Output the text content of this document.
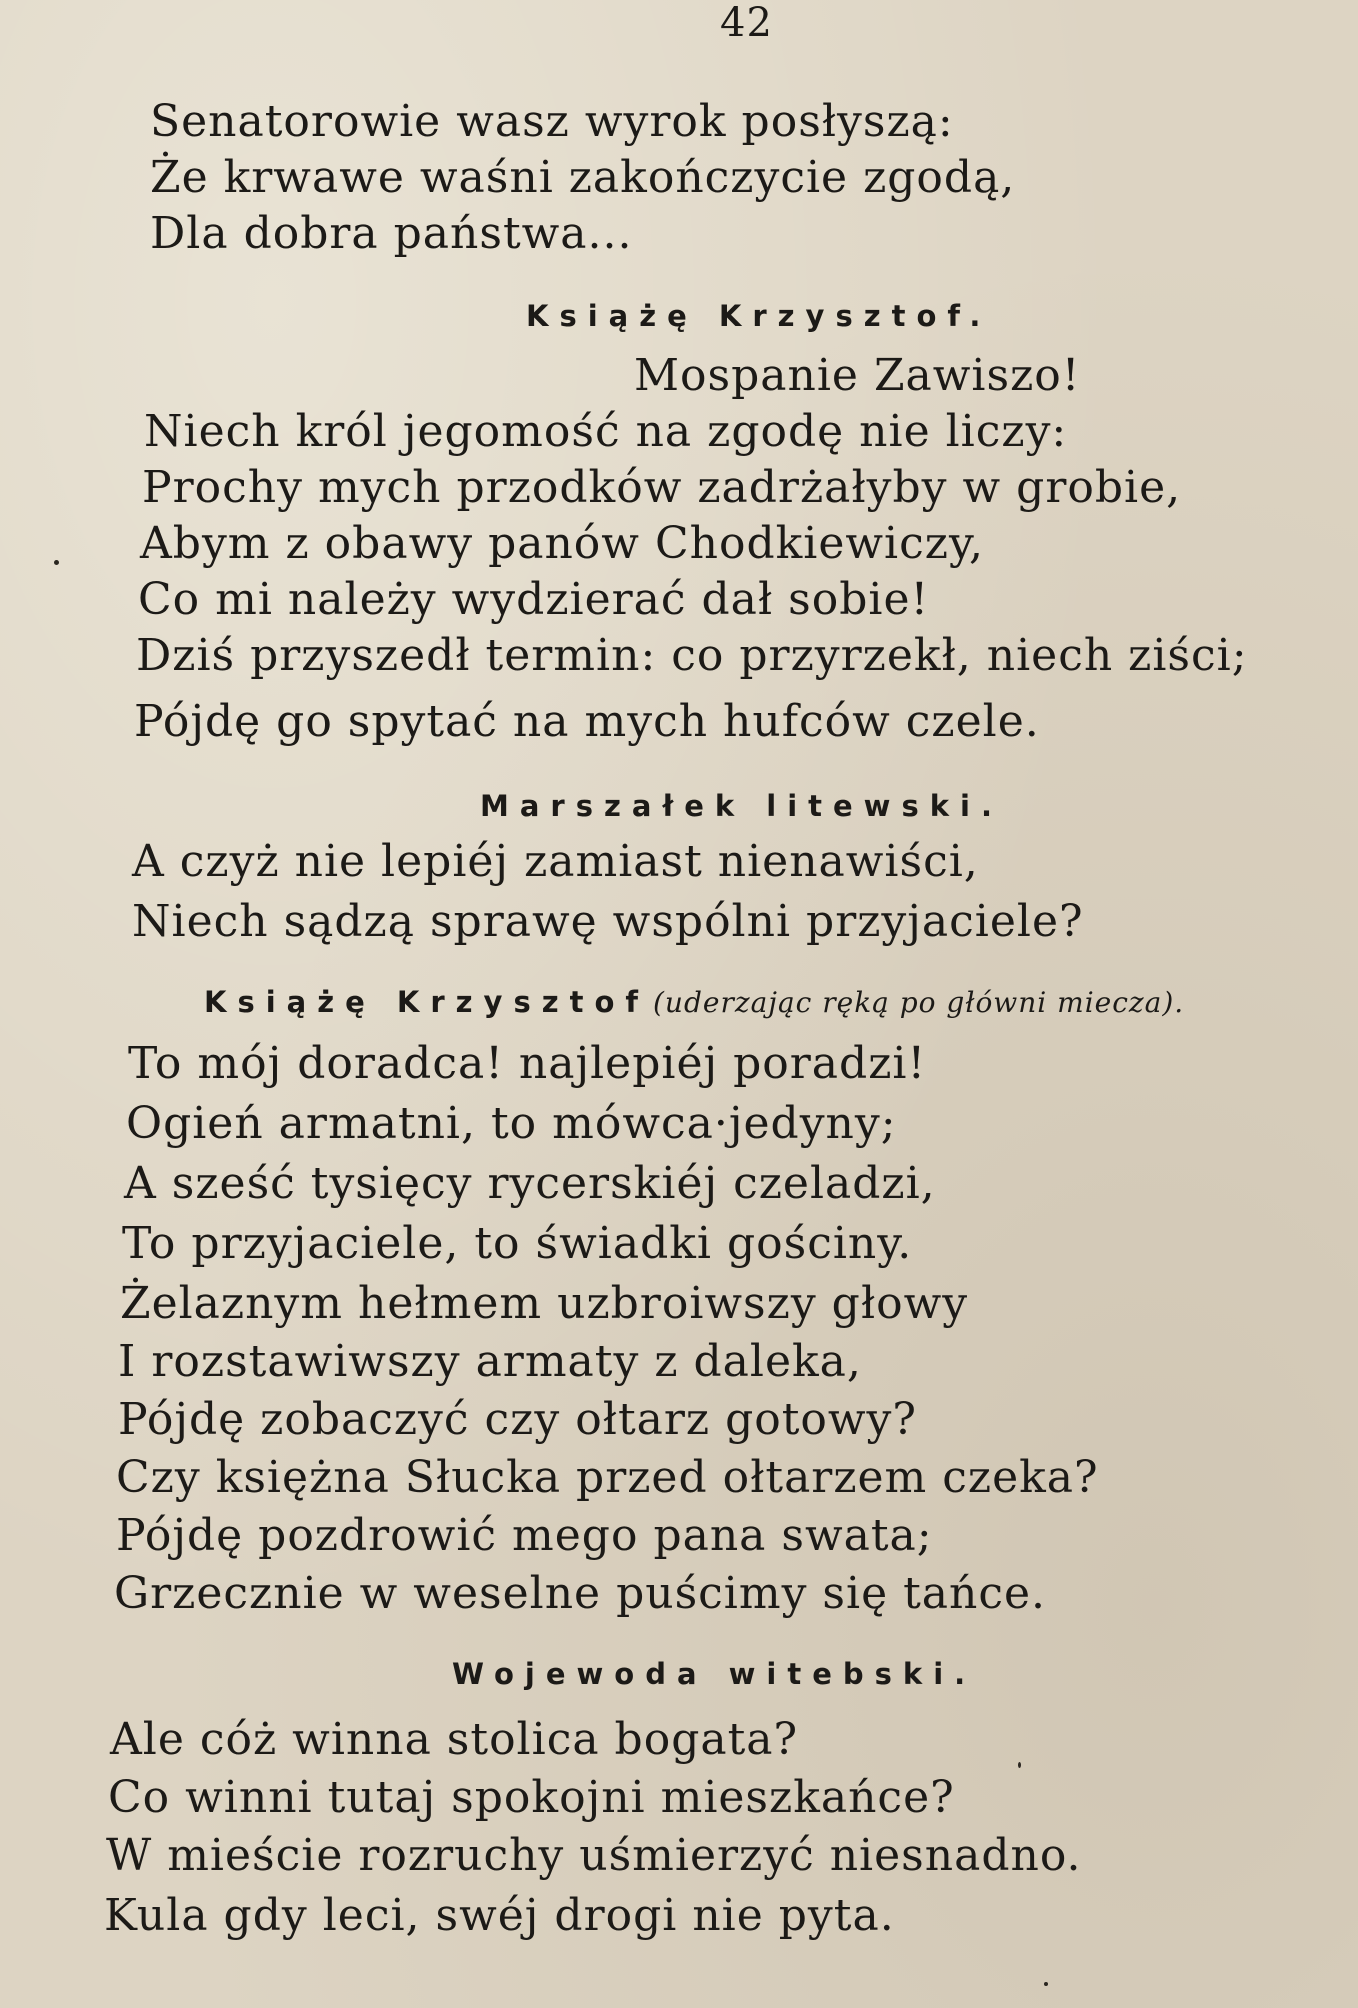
42
Senatorowie wasz wyrok posłyszą:
Że krwawe waśni zakończycie zgodą,
Dla dobra państwa...
Książę Krzysztof.
Mospanie Zawiszo!
Niech król jegomość na zgodę nie liczy:
Prochy mych przodków zadrżałyby w grobie,
Abym z obawy panów Chodkiewiczy,
Co mi należy wydzierać dał sobie!
Dziś przyszedł termin: co przyrzekł, niech ziści;
Pójdę go spytać na mych hufców czele.
Marszałek litewski.
A czyż nie lepiéj zamiast nienawiści,
Niech sądzą sprawę wspólni przyjaciele?
Książę Krzysztof (uderzając ręką po główni miecza).
To mój doradca! najlepiéj poradzi!
Ogień armatni, to mówca·jedyny;
A sześć tysięcy rycerskiéj czeladzi,
To przyjaciele, to świadki gościny.
Żelaznym hełmem uzbroiwszy głowy
I rozstawiwszy armaty z daleka,
Pójdę zobaczyć czy ołtarz gotowy?
Czy księżna Słucka przed ołtarzem czeka?
Pójdę pozdrowić mego pana swata;
Grzecznie w weselne puścimy się tańce.
Wojewoda witebski.
Ale cóż winna stolica bogata?
Co winni tutaj spokojni mieszkańce?
W mieście rozruchy uśmierzyć niesnadno.
Kula gdy leci, swéj drogi nie pyta.
